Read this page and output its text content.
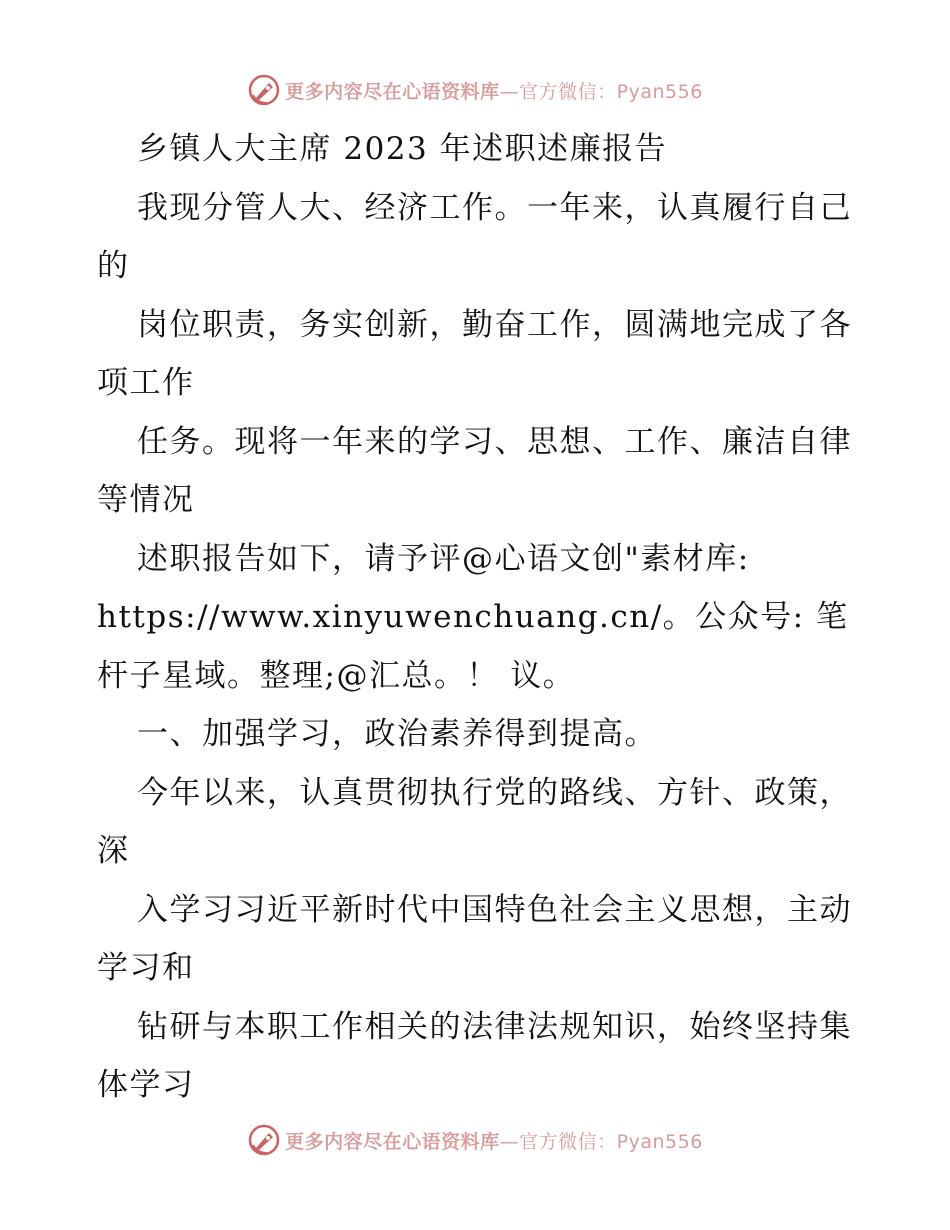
更多内容尽在心语资料库—官方微信：Pyan556

乡镇人大主席 2023 年述职述廉报告

我现分管人大、经济工作。一年来，认真履行自己的

岗位职责，务实创新，勤奋工作，圆满地完成了各项工作

任务。现将一年来的学习、思想、工作、廉洁自律等情况

述职报告如下，请予评@心语文创"素材库:

https://www.xinyuwenchuang.cn/。公众号: 笔杆子星域。整理;@汇总。！ 议。

一、加强学习，政治素养得到提高。

今年以来，认真贯彻执行党的路线、方针、政策，深

入学习习近平新时代中国特色社会主义思想，主动学习和

钻研与本职工作相关的法律法规知识，始终坚持集体学习

更多内容尽在心语资料库—官方微信：Pyan556
